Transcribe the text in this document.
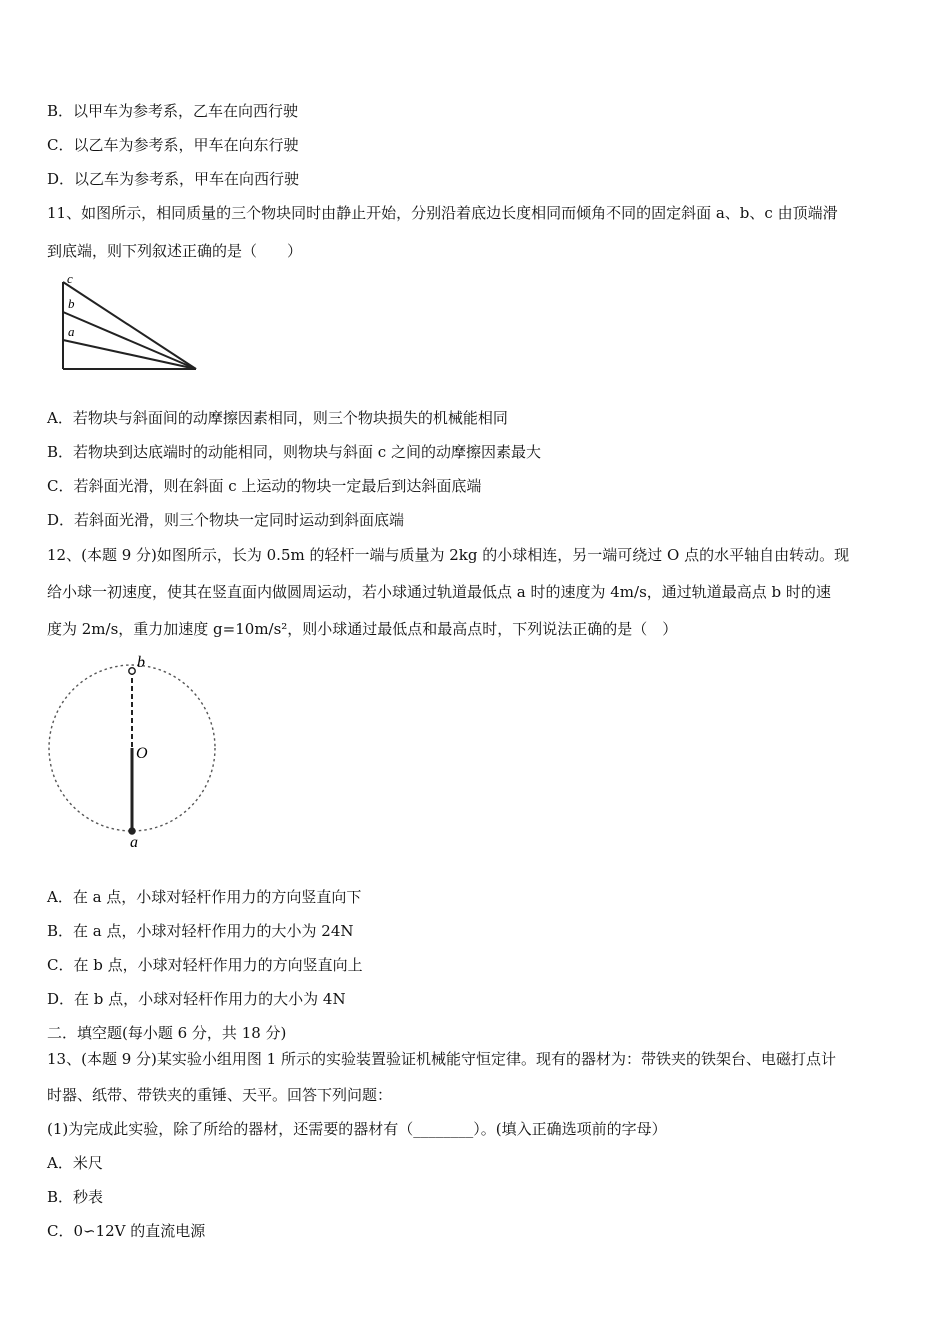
B．以甲车为参考系，乙车在向西行驶
C．以乙车为参考系，甲车在向东行驶
D．以乙车为参考系，甲车在向西行驶
11、如图所示，相同质量的三个物块同时由静止开始，分别沿着底边长度相同而倾角不同的固定斜面 a、b、c 由顶端滑
到底端，则下列叙述正确的是（　　）
c
b
a
A．若物块与斜面间的动摩擦因素相同，则三个物块损失的机械能相同
B．若物块到达底端时的动能相同，则物块与斜面 c 之间的动摩擦因素最大
C．若斜面光滑，则在斜面 c 上运动的物块一定最后到达斜面底端
D．若斜面光滑，则三个物块一定同时运动到斜面底端
12、(本题 9 分)如图所示，长为 0.5m 的轻杆一端与质量为 2kg 的小球相连，另一端可绕过 O 点的水平轴自由转动。现
给小球一初速度，使其在竖直面内做圆周运动，若小球通过轨道最低点 a 时的速度为 4m/s，通过轨道最高点 b 时的速
度为 2m/s，重力加速度 g=10m/s²，则小球通过最低点和最高点时，下列说法正确的是（　）
b
O
a
A．在 a 点，小球对轻杆作用力的方向竖直向下
B．在 a 点，小球对轻杆作用力的大小为 24N
C．在 b 点，小球对轻杆作用力的方向竖直向上
D．在 b 点，小球对轻杆作用力的大小为 4N
二．填空题(每小题 6 分，共 18 分)
13、(本题 9 分)某实验小组用图 1 所示的实验装置验证机械能守恒定律。现有的器材为：带铁夹的铁架台、电磁打点计
时器、纸带、带铁夹的重锤、天平。回答下列问题：
(1)为完成此实验，除了所给的器材，还需要的器材有（________）。(填入正确选项前的字母）
A．米尺
B．秒表
C．0∽12V 的直流电源
